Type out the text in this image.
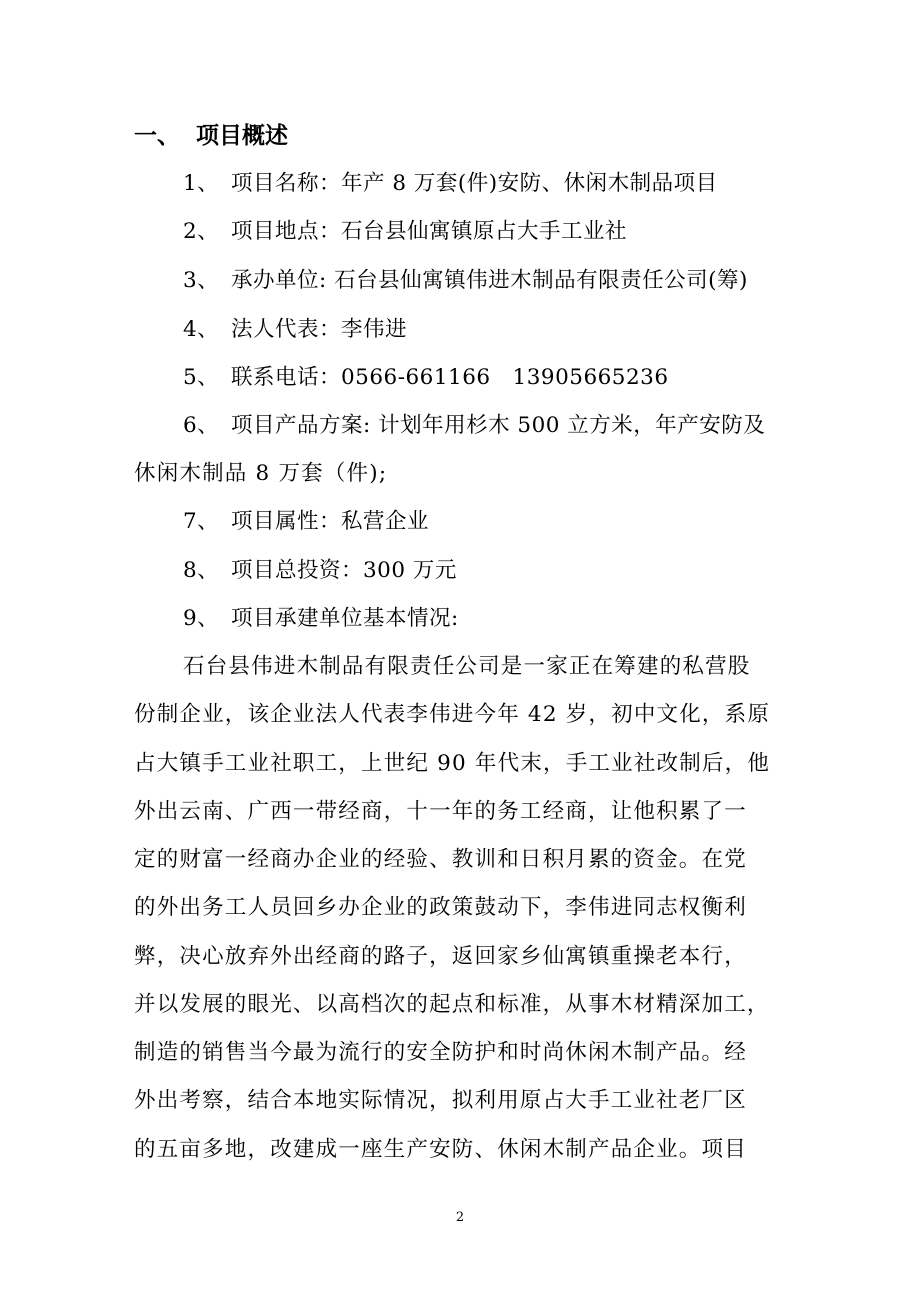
一、 项目概述
1、 项目名称：年产 8 万套(件)安防、休闲木制品项目
2、 项目地点：石台县仙寓镇原占大手工业社
3、 承办单位: 石台县仙寓镇伟进木制品有限责任公司(筹)
4、 法人代表：李伟进
5、 联系电话：0566-661166   13905665236
6、 项目产品方案: 计划年用杉木 500 立方米，年产安防及
休闲木制品 8 万套（件);
7、 项目属性：私营企业
8、 项目总投资：300 万元
9、 项目承建单位基本情况:
石台县伟进木制品有限责任公司是一家正在筹建的私营股
份制企业，该企业法人代表李伟进今年 42 岁，初中文化，系原
占大镇手工业社职工，上世纪 90 年代末，手工业社改制后，他
外出云南、广西一带经商，十一年的务工经商，让他积累了一
定的财富一经商办企业的经验、教训和日积月累的资金。在党
的外出务工人员回乡办企业的政策鼓动下，李伟进同志权衡利
弊，决心放弃外出经商的路子，返回家乡仙寓镇重操老本行，
并以发展的眼光、以高档次的起点和标准，从事木材精深加工，
制造的销售当今最为流行的安全防护和时尚休闲木制产品。经
外出考察，结合本地实际情况，拟利用原占大手工业社老厂区
的五亩多地，改建成一座生产安防、休闲木制产品企业。项目
2
